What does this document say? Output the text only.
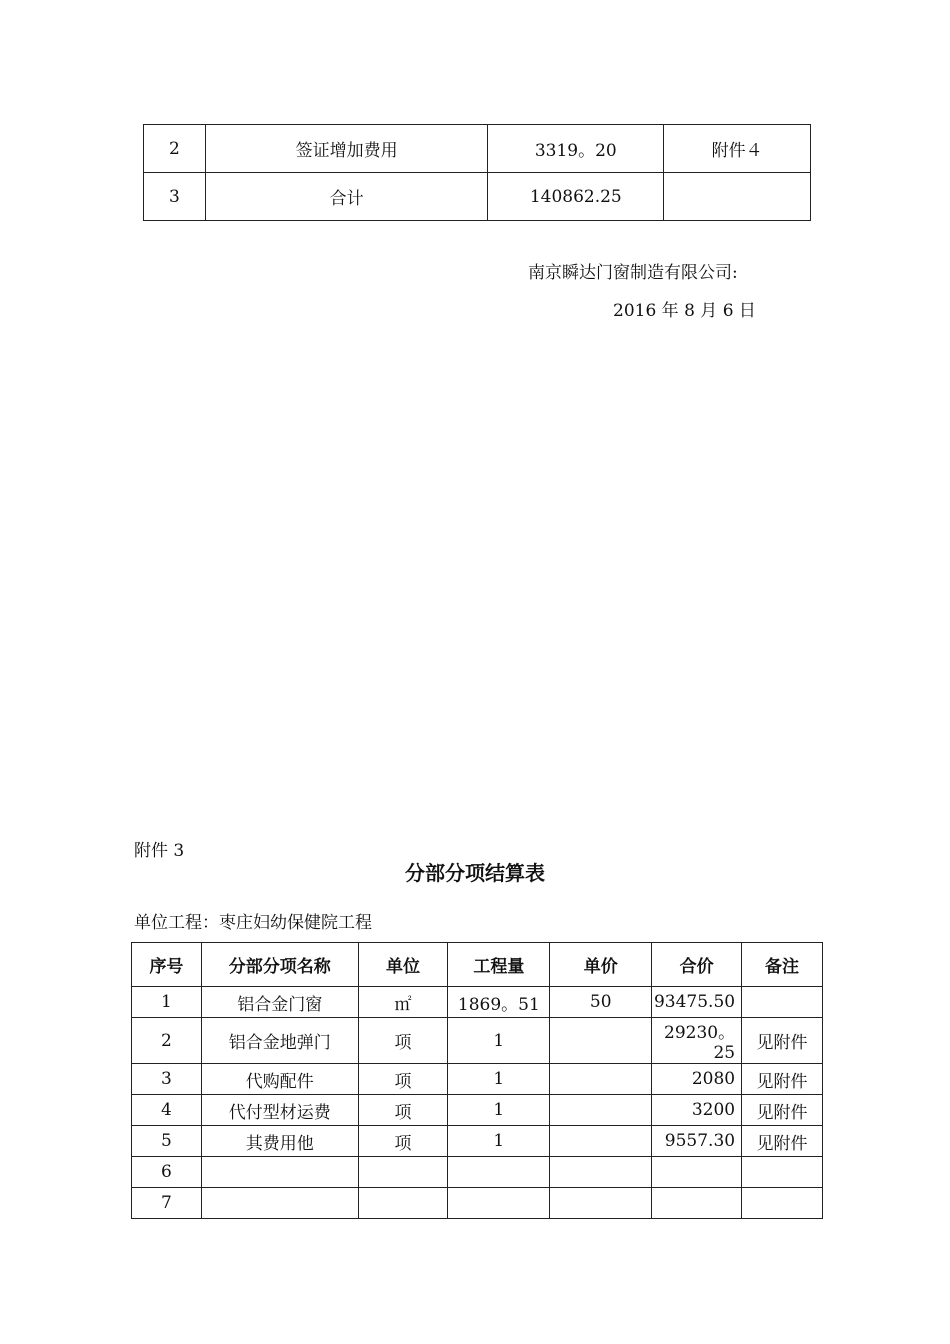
2	签证增加费用	3319。20	附件４
3	合计	140862.25	
南京瞬达门窗制造有限公司:
2016 年 8 月 6 日
附件 3
分部分项结算表
单位工程：枣庄妇幼保健院工程
序号	分部分项名称	单位	工程量	单价	合价	备注
1	铝合金门窗	㎡	1869。51	50	93475.50	
2	铝合金地弹门	项	1		29230。25	见附件
3	代购配件	项	1		2080	见附件
4	代付型材运费	项	1		3200	见附件
5	其费用他	项	1		9557.30	见附件
6						
7						
